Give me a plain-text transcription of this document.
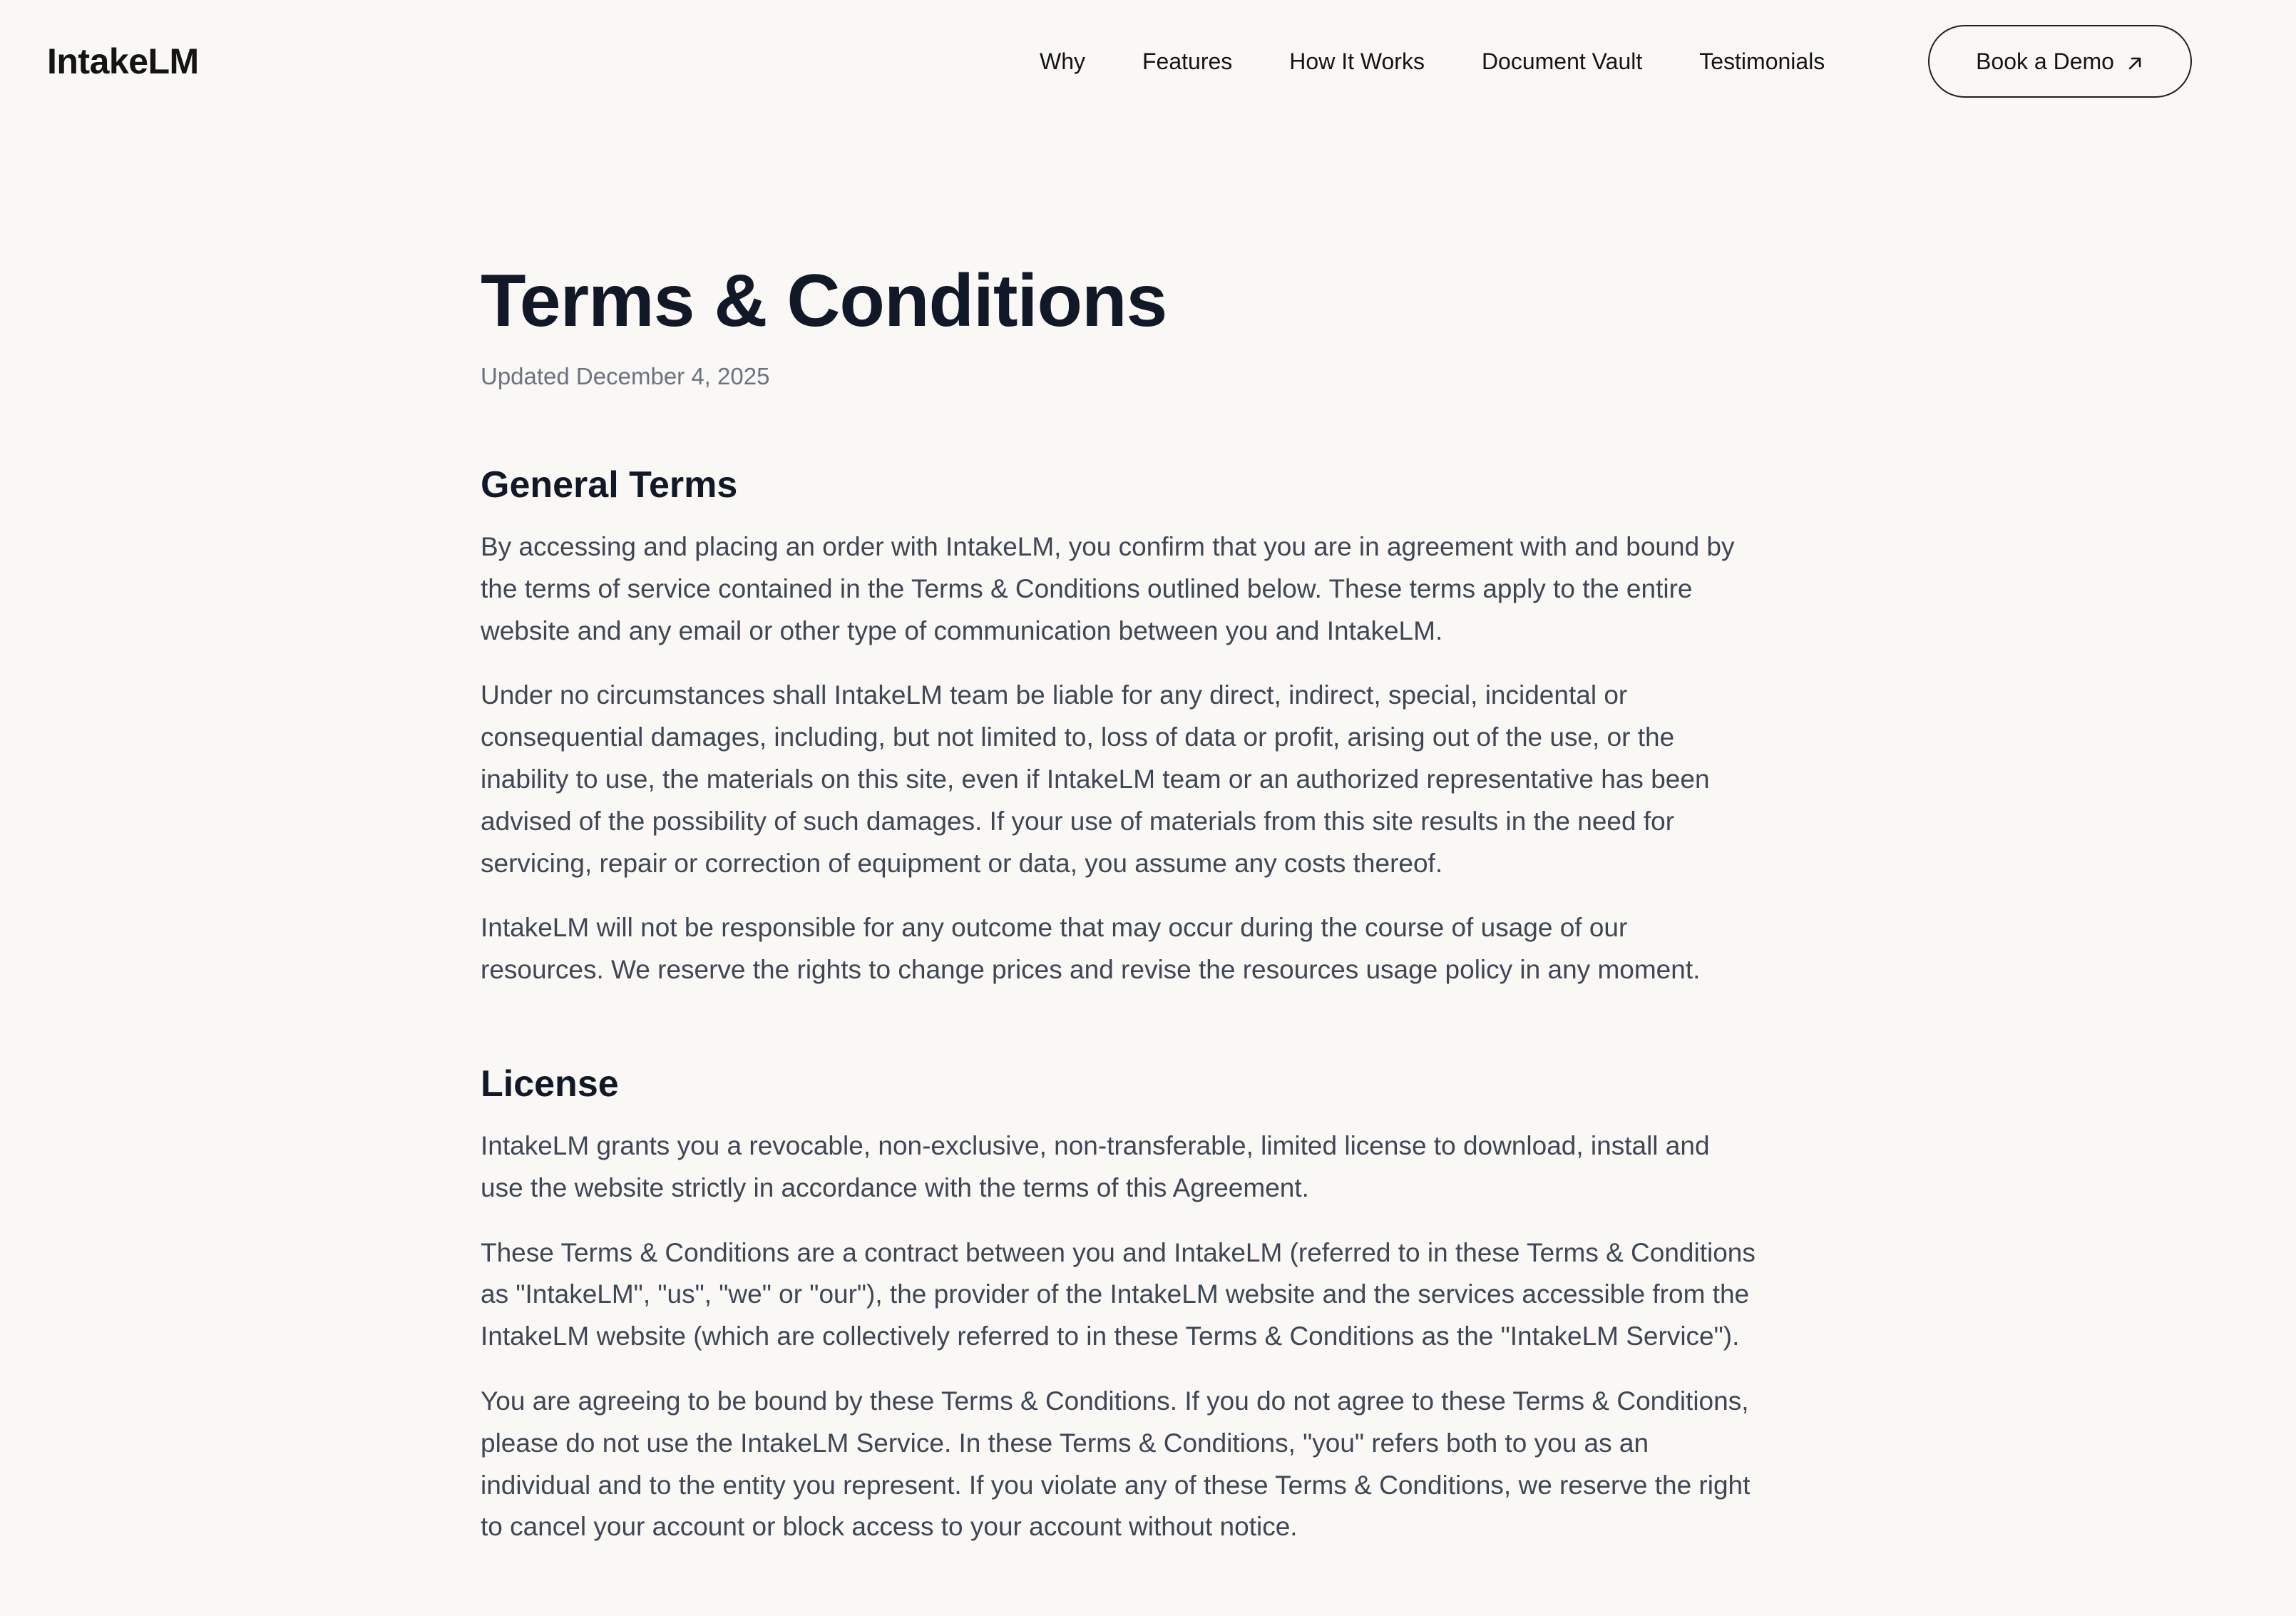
IntakeLM	Why	Features	How It Works	Document Vault	Testimonials	Book a Demo
Terms & Conditions
Updated December 4, 2025
General Terms

By accessing and placing an order with IntakeLM, you confirm that you are in agreement with and bound by the terms of service contained in the Terms & Conditions outlined below. These terms apply to the entire website and any email or other type of communication between you and IntakeLM.

Under no circumstances shall IntakeLM team be liable for any direct, indirect, special, incidental or consequential damages, including, but not limited to, loss of data or profit, arising out of the use, or the inability to use, the materials on this site, even if IntakeLM team or an authorized representative has been advised of the possibility of such damages. If your use of materials from this site results in the need for servicing, repair or correction of equipment or data, you assume any costs thereof.

IntakeLM will not be responsible for any outcome that may occur during the course of usage of our resources. We reserve the rights to change prices and revise the resources usage policy in any moment.

License

IntakeLM grants you a revocable, non-exclusive, non-transferable, limited license to download, install and use the website strictly in accordance with the terms of this Agreement.

These Terms & Conditions are a contract between you and IntakeLM (referred to in these Terms & Conditions as "IntakeLM", "us", "we" or "our"), the provider of the IntakeLM website and the services accessible from the IntakeLM website (which are collectively referred to in these Terms & Conditions as the "IntakeLM Service").

You are agreeing to be bound by these Terms & Conditions. If you do not agree to these Terms & Conditions, please do not use the IntakeLM Service. In these Terms & Conditions, "you" refers both to you as an individual and to the entity you represent. If you violate any of these Terms & Conditions, we reserve the right to cancel your account or block access to your account without notice.
